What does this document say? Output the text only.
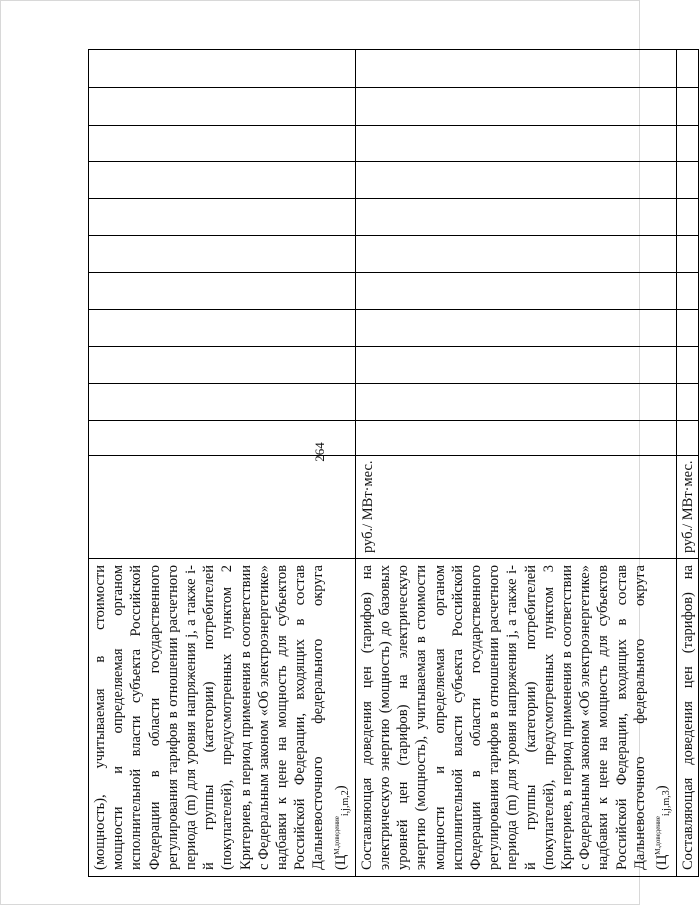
264
(мощность), учитываемая в стоимости мощности и определяемая органом исполнительной власти субъекта Российской Федерации в области государственного регулирования тарифов в отношении расчетного периода (m) для уровня напряжения j, а также i-й группы (категории) потребителей (покупателей), предусмотренных пунктом 2 Критериев, в период применения в соответствии с Федеральным законом «Об электроэнергетике» надбавки к цене на мощность для субъектов Российской Федерации, входящих в состав Дальневосточного федерального округа $(Ц^{М,доведение}_{i,j,m,2})$												

Составляющая доведения цен (тарифов) на электрическую энергию (мощность) до базовых уровней цен (тарифов) на электрическую энергию (мощность), учитываемая в стоимости мощности и определяемая органом исполнительной власти субъекта Российской Федерации в области государственного регулирования тарифов в отношении расчетного периода (m) для уровня напряжения j, а также i-й группы (категории) потребителей (покупателей), предусмотренных пунктом 3 Критериев, в период применения в соответствии с Федеральным законом «Об электроэнергетике» надбавки к цене на мощность для субъектов Российской Федерации, входящих в состав Дальневосточного федерального округа $(Ц^{М,доведение}_{i,j,m,3})$	руб./ МВт·мес.											

Составляющая доведения цен (тарифов) на	руб./ МВт·мес.											
